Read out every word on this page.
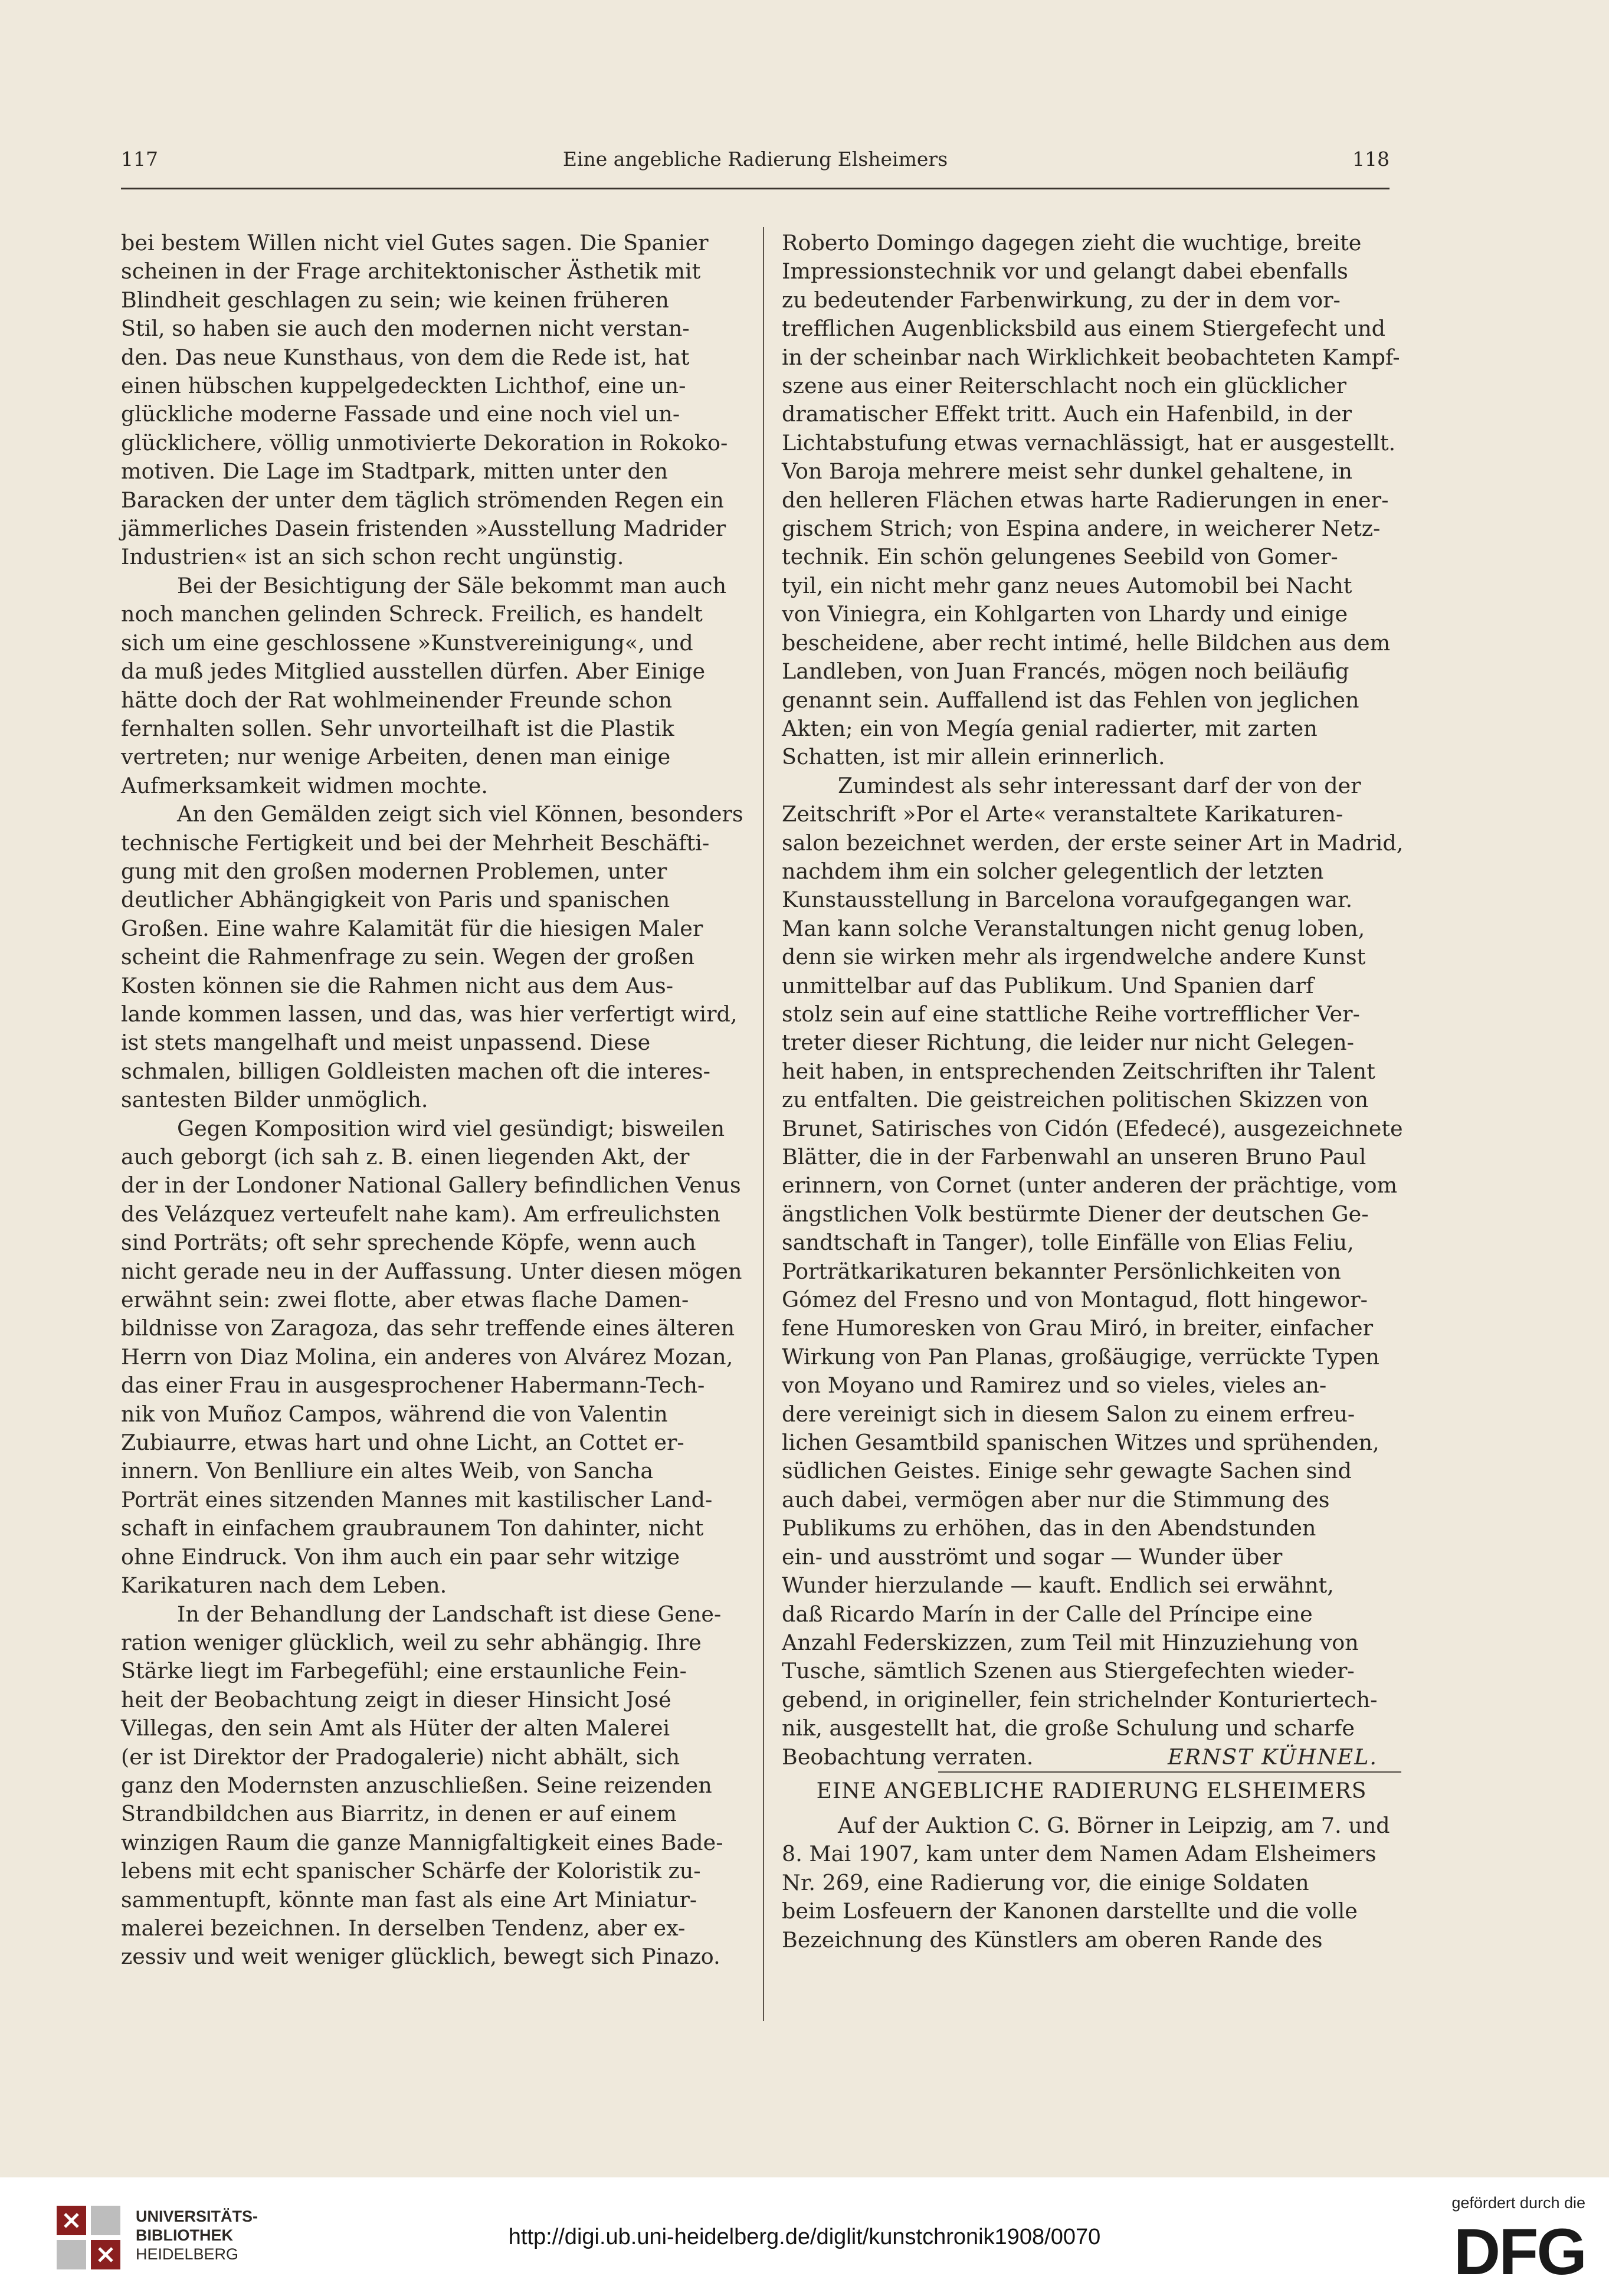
117	Eine angebliche Radierung Elsheimers	118

bei bestem Willen nicht viel Gutes sagen. Die Spanier

scheinen in der Frage architektonischer Ästhetik mit

Blindheit geschlagen zu sein; wie keinen früheren

Stil, so haben sie auch den modernen nicht verstan-

den. Das neue Kunsthaus, von dem die Rede ist, hat

einen hübschen kuppelgedeckten Lichthof, eine un-

glückliche moderne Fassade und eine noch viel un-

glücklichere, völlig unmotivierte Dekoration in Rokoko-

motiven. Die Lage im Stadtpark, mitten unter den

Baracken der unter dem täglich strömenden Regen ein

jämmerliches Dasein fristenden »Ausstellung Madrider

Industrien« ist an sich schon recht ungünstig.

Bei der Besichtigung der Säle bekommt man auch

noch manchen gelinden Schreck. Freilich, es handelt

sich um eine geschlossene »Kunstvereinigung«, und

da muß jedes Mitglied ausstellen dürfen. Aber Einige

hätte doch der Rat wohlmeinender Freunde schon

fernhalten sollen. Sehr unvorteilhaft ist die Plastik

vertreten; nur wenige Arbeiten, denen man einige

Aufmerksamkeit widmen mochte.

An den Gemälden zeigt sich viel Können, besonders

technische Fertigkeit und bei der Mehrheit Beschäfti-

gung mit den großen modernen Problemen, unter

deutlicher Abhängigkeit von Paris und spanischen

Großen. Eine wahre Kalamität für die hiesigen Maler

scheint die Rahmenfrage zu sein. Wegen der großen

Kosten können sie die Rahmen nicht aus dem Aus-

lande kommen lassen, und das, was hier verfertigt wird,

ist stets mangelhaft und meist unpassend. Diese

schmalen, billigen Goldleisten machen oft die interes-

santesten Bilder unmöglich.

Gegen Komposition wird viel gesündigt; bisweilen

auch geborgt (ich sah z. B. einen liegenden Akt, der

der in der Londoner National Gallery befindlichen Venus

des Velázquez verteufelt nahe kam). Am erfreulichsten

sind Porträts; oft sehr sprechende Köpfe, wenn auch

nicht gerade neu in der Auffassung. Unter diesen mögen

erwähnt sein: zwei flotte, aber etwas flache Damen-

bildnisse von Zaragoza, das sehr treffende eines älteren

Herrn von Diaz Molina, ein anderes von Alvárez Mozan,

das einer Frau in ausgesprochener Habermann-Tech-

nik von Muñoz Campos, während die von Valentin

Zubiaurre, etwas hart und ohne Licht, an Cottet er-

innern. Von Benlliure ein altes Weib, von Sancha

Porträt eines sitzenden Mannes mit kastilischer Land-

schaft in einfachem graubraunem Ton dahinter, nicht

ohne Eindruck. Von ihm auch ein paar sehr witzige

Karikaturen nach dem Leben.

In der Behandlung der Landschaft ist diese Gene-

ration weniger glücklich, weil zu sehr abhängig. Ihre

Stärke liegt im Farbegefühl; eine erstaunliche Fein-

heit der Beobachtung zeigt in dieser Hinsicht José

Villegas, den sein Amt als Hüter der alten Malerei

(er ist Direktor der Pradogalerie) nicht abhält, sich

ganz den Modernsten anzuschließen. Seine reizenden

Strandbildchen aus Biarritz, in denen er auf einem

winzigen Raum die ganze Mannigfaltigkeit eines Bade-

lebens mit echt spanischer Schärfe der Koloristik zu-

sammentupft, könnte man fast als eine Art Miniatur-

malerei bezeichnen. In derselben Tendenz, aber ex-

zessiv und weit weniger glücklich, bewegt sich Pinazo.

Roberto Domingo dagegen zieht die wuchtige, breite

Impressionstechnik vor und gelangt dabei ebenfalls

zu bedeutender Farbenwirkung, zu der in dem vor-

trefflichen Augenblicksbild aus einem Stiergefecht und

in der scheinbar nach Wirklichkeit beobachteten Kampf-

szene aus einer Reiterschlacht noch ein glücklicher

dramatischer Effekt tritt. Auch ein Hafenbild, in der

Lichtabstufung etwas vernachlässigt, hat er ausgestellt.

Von Baroja mehrere meist sehr dunkel gehaltene, in

den helleren Flächen etwas harte Radierungen in ener-

gischem Strich; von Espina andere, in weicherer Netz-

technik. Ein schön gelungenes Seebild von Gomer-

tyil, ein nicht mehr ganz neues Automobil bei Nacht

von Viniegra, ein Kohlgarten von Lhardy und einige

bescheidene, aber recht intimé, helle Bildchen aus dem

Landleben, von Juan Francés, mögen noch beiläufig

genannt sein. Auffallend ist das Fehlen von jeglichen

Akten; ein von Megía genial radierter, mit zarten

Schatten, ist mir allein erinnerlich.

Zumindest als sehr interessant darf der von der

Zeitschrift »Por el Arte« veranstaltete Karikaturen-

salon bezeichnet werden, der erste seiner Art in Madrid,

nachdem ihm ein solcher gelegentlich der letzten

Kunstausstellung in Barcelona voraufgegangen war.

Man kann solche Veranstaltungen nicht genug loben,

denn sie wirken mehr als irgendwelche andere Kunst

unmittelbar auf das Publikum. Und Spanien darf

stolz sein auf eine stattliche Reihe vortrefflicher Ver-

treter dieser Richtung, die leider nur nicht Gelegen-

heit haben, in entsprechenden Zeitschriften ihr Talent

zu entfalten. Die geistreichen politischen Skizzen von

Brunet, Satirisches von Cidón (Efedecé), ausgezeichnete

Blätter, die in der Farbenwahl an unseren Bruno Paul

erinnern, von Cornet (unter anderen der prächtige, vom

ängstlichen Volk bestürmte Diener der deutschen Ge-

sandtschaft in Tanger), tolle Einfälle von Elias Feliu,

Porträtkarikaturen bekannter Persönlichkeiten von

Gómez del Fresno und von Montagud, flott hingewor-

fene Humoresken von Grau Miró, in breiter, einfacher

Wirkung von Pan Planas, großäugige, verrückte Typen

von Moyano und Ramirez und so vieles, vieles an-

dere vereinigt sich in diesem Salon zu einem erfreu-

lichen Gesamtbild spanischen Witzes und sprühenden,

südlichen Geistes. Einige sehr gewagte Sachen sind

auch dabei, vermögen aber nur die Stimmung des

Publikums zu erhöhen, das in den Abendstunden

ein- und ausströmt und sogar — Wunder über

Wunder hierzulande — kauft. Endlich sei erwähnt,

daß Ricardo Marín in der Calle del Príncipe eine

Anzahl Federskizzen, zum Teil mit Hinzuziehung von

Tusche, sämtlich Szenen aus Stiergefechten wieder-

gebend, in origineller, fein strichelnder Konturiertech-

nik, ausgestellt hat, die große Schulung und scharfe

Beobachtung verraten.	ERNST KÜHNEL.

EINE ANGEBLICHE RADIERUNG ELSHEIMERS

Auf der Auktion C. G. Börner in Leipzig, am 7. und

8. Mai 1907, kam unter dem Namen Adam Elsheimers

Nr. 269, eine Radierung vor, die einige Soldaten

beim Losfeuern der Kanonen darstellte und die volle

Bezeichnung des Künstlers am oberen Rande des

UNIVERSITÄTS-
BIBLIOTHEK
HEIDELBERG
http://digi.ub.uni-heidelberg.de/diglit/kunstchronik1908/0070
gefördert durch die
DFG
